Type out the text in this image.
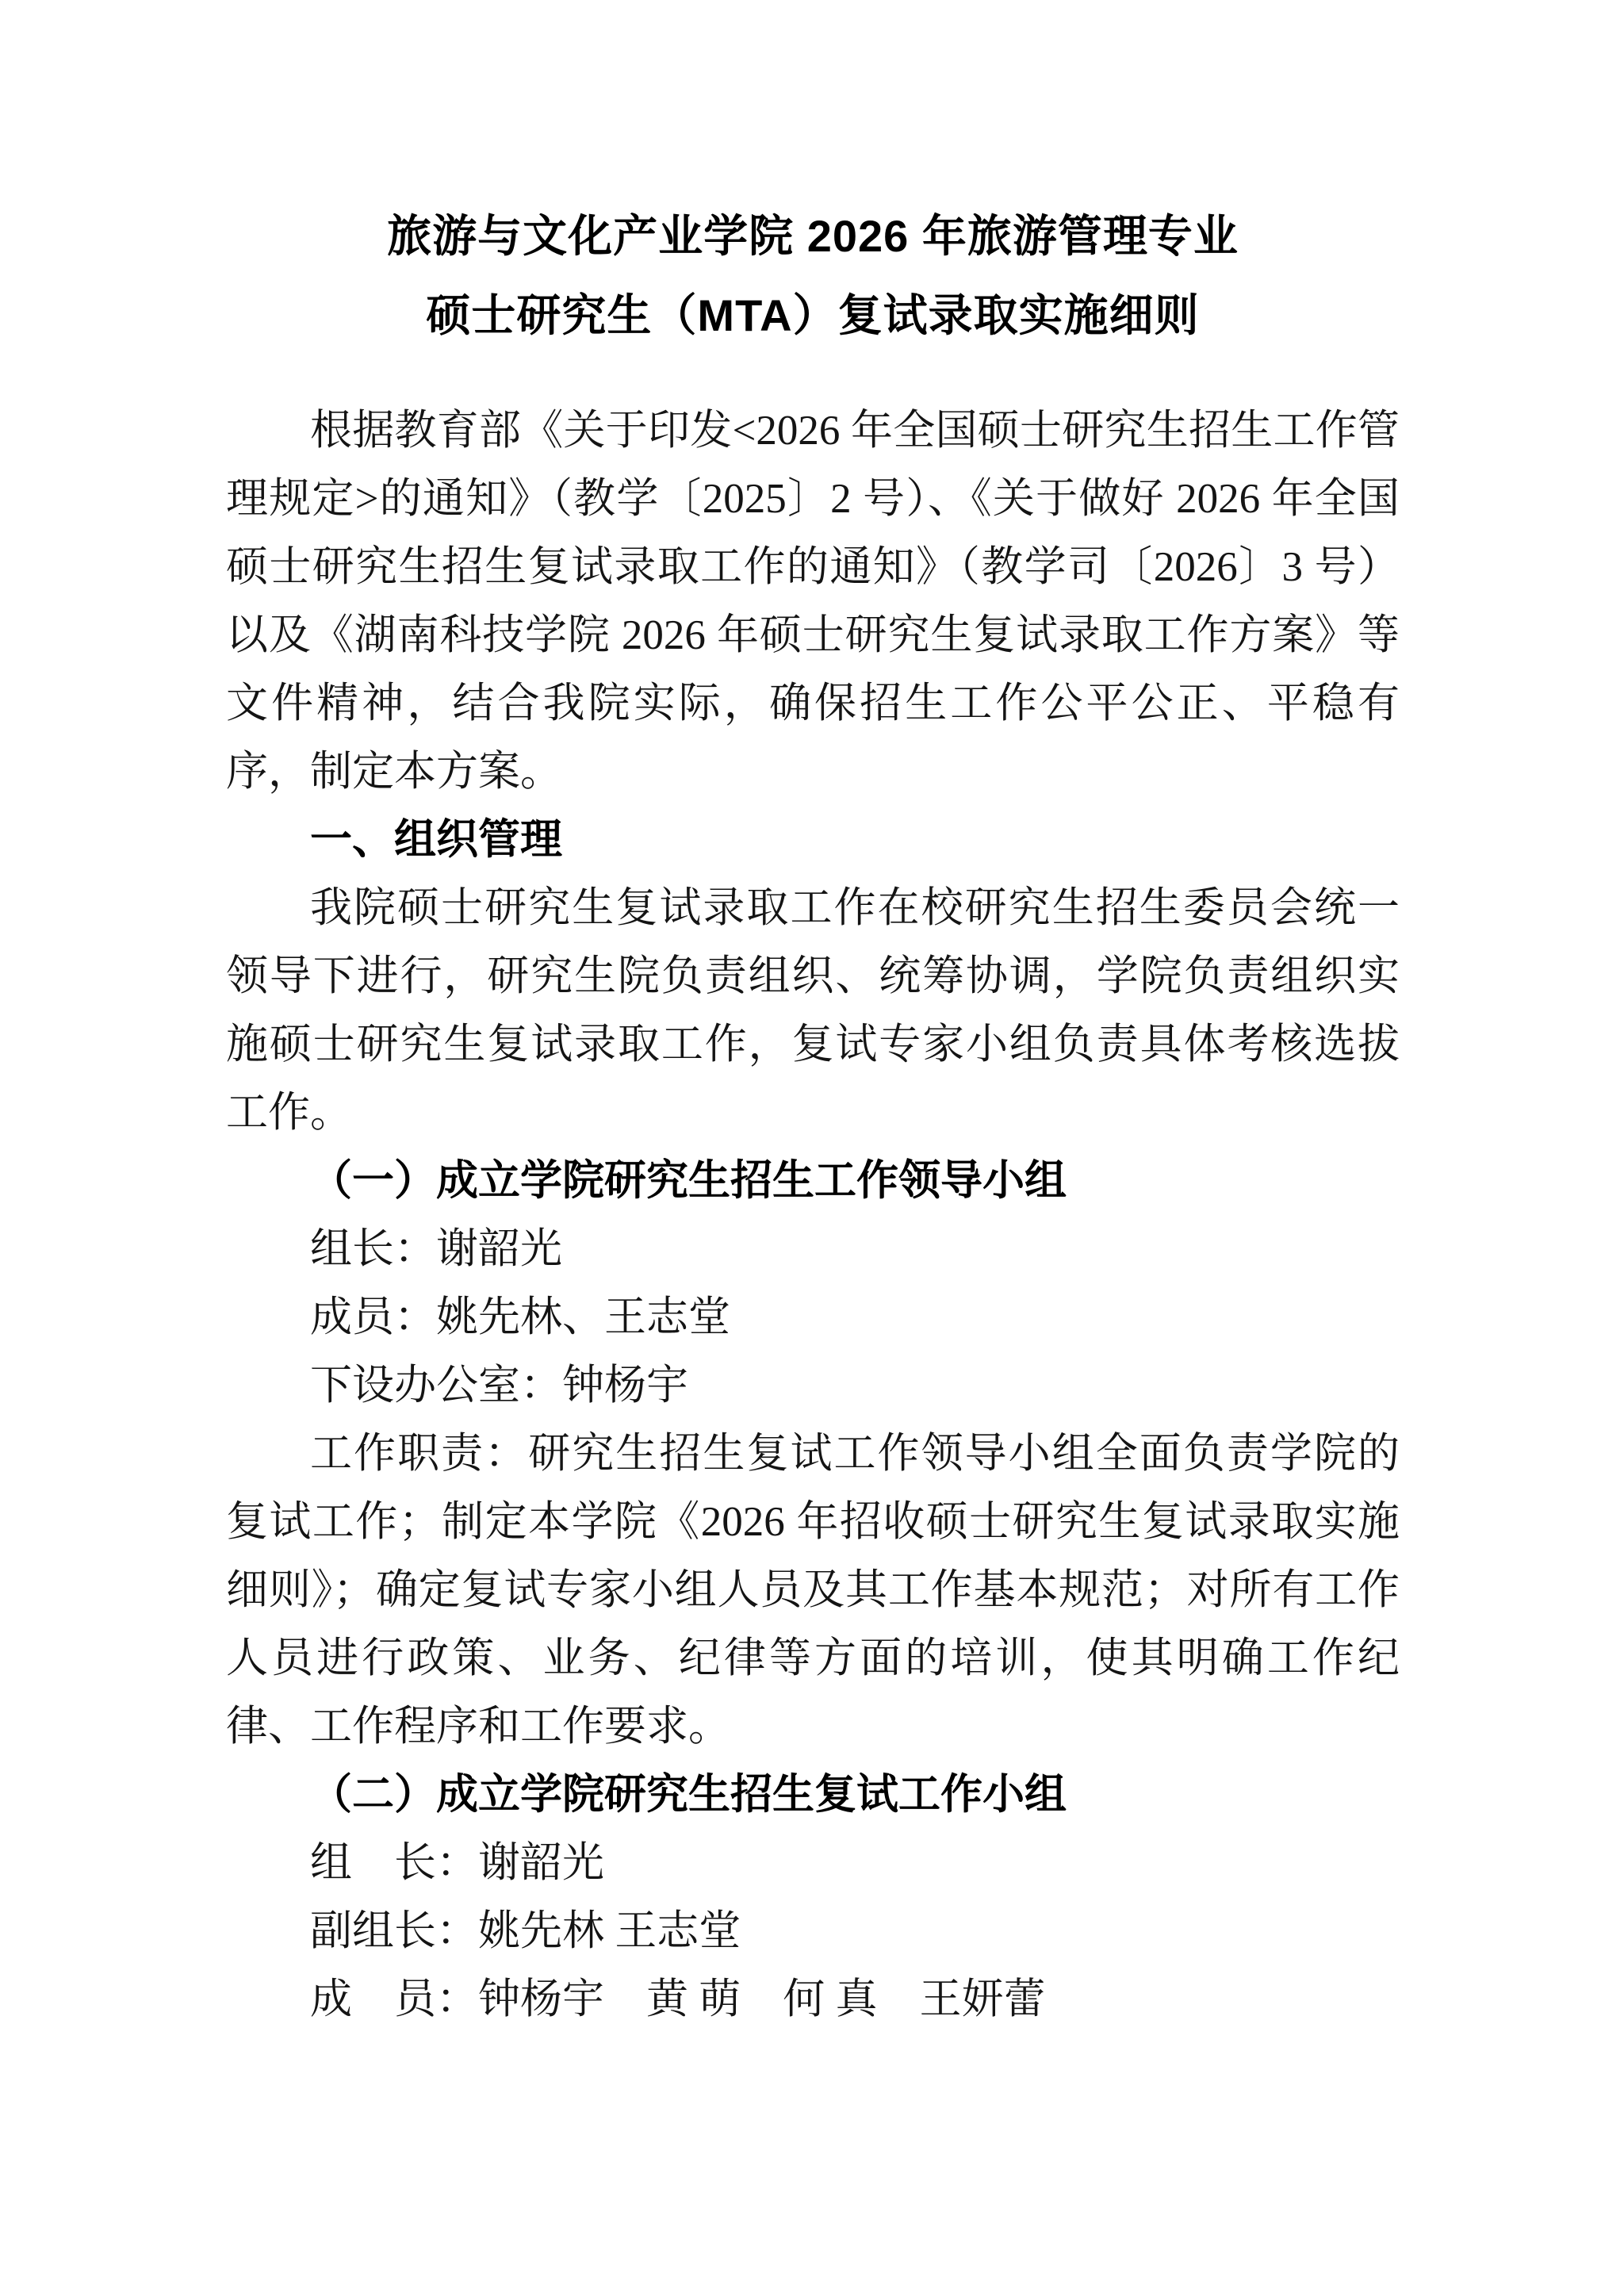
旅游与文化产业学院 2026 年旅游管理专业
硕士研究生（MTA）复试录取实施细则

根据教育部《关于印发<2026 年全国硕士研究生招生工作管理规定>的通知》（教学〔2025〕2 号）、《关于做好 2026 年全国硕士研究生招生复试录取工作的通知》（教学司〔2026〕3 号）以及《湖南科技学院 2026 年硕士研究生复试录取工作方案》等文件精神，结合我院实际，确保招生工作公平公正、平稳有序，制定本方案。

一、组织管理

我院硕士研究生复试录取工作在校研究生招生委员会统一领导下进行，研究生院负责组织、统筹协调，学院负责组织实施硕士研究生复试录取工作，复试专家小组负责具体考核选拔工作。

（一）成立学院研究生招生工作领导小组

组长：谢韶光

成员：姚先林、王志堂

下设办公室：钟杨宇

工作职责：研究生招生复试工作领导小组全面负责学院的复试工作；制定本学院《2026 年招收硕士研究生复试录取实施细则》；确定复试专家小组人员及其工作基本规范；对所有工作人员进行政策、业务、纪律等方面的培训，使其明确工作纪律、工作程序和工作要求。

（二）成立学院研究生招生复试工作小组

组　长：谢韶光

副组长：姚先林 王志堂

成　员：钟杨宇　黄 萌　何 真　王妍蕾
